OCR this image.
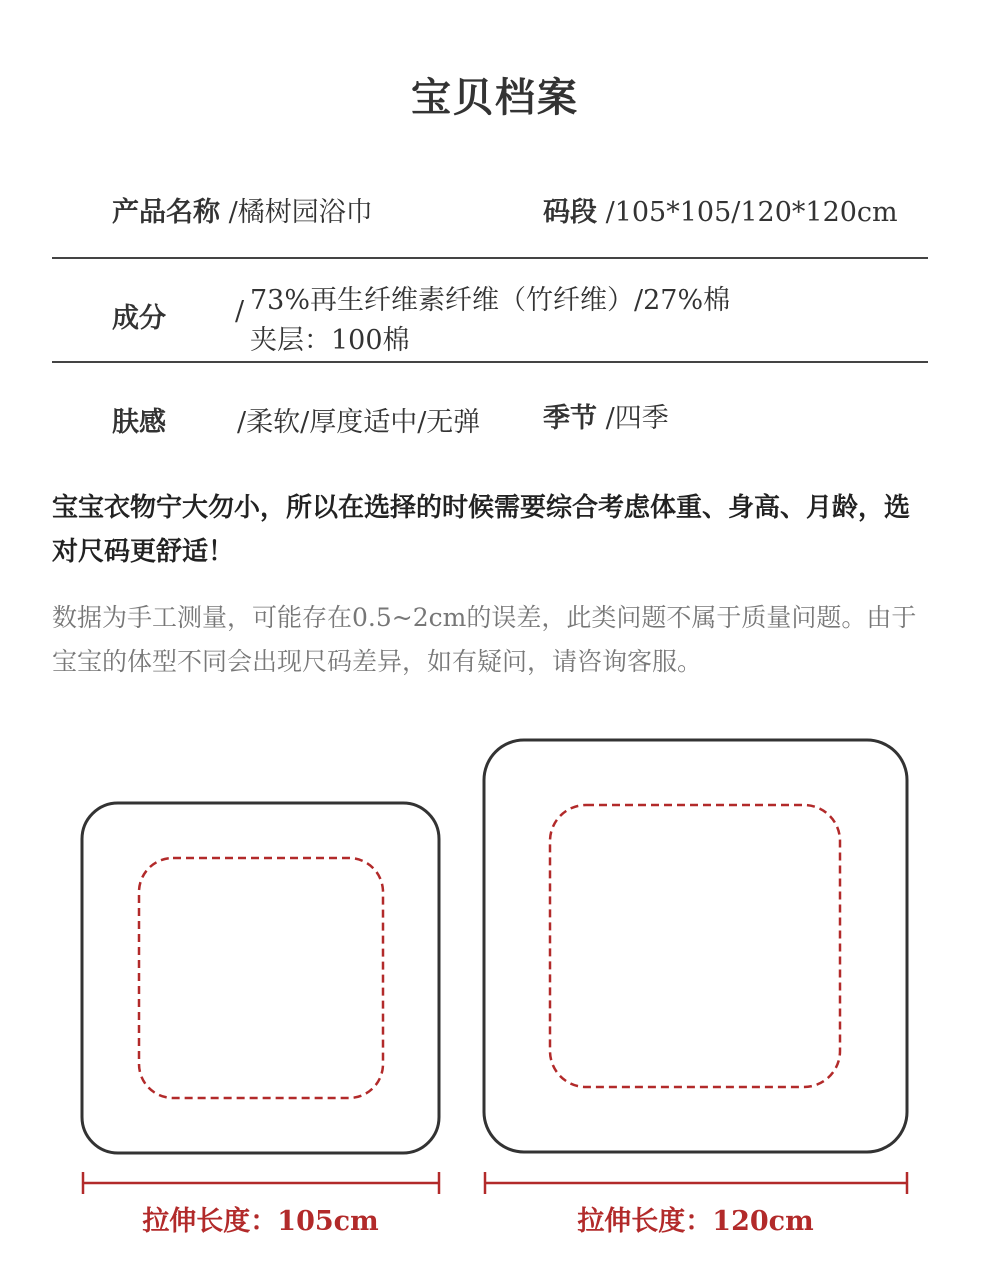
宝贝档案
产品名称 /橘树园浴巾	码段 /105*105/120*120cm
成分	/ 73%再生纤维素纤维（竹纤维）/27%棉
夹层：100棉
肤感	/柔软/厚度适中/无弹 季节 /四季
宝宝衣物宁大勿小，所以在选择的时候需要综合考虑体重、身高、月龄，选对尺码更舒适！
数据为手工测量，可能存在0.5~2cm的误差，此类问题不属于质量问题。由于宝宝的体型不同会出现尺码差异，如有疑问，请咨询客服。
拉伸长度：105cm	拉伸长度：120cm
